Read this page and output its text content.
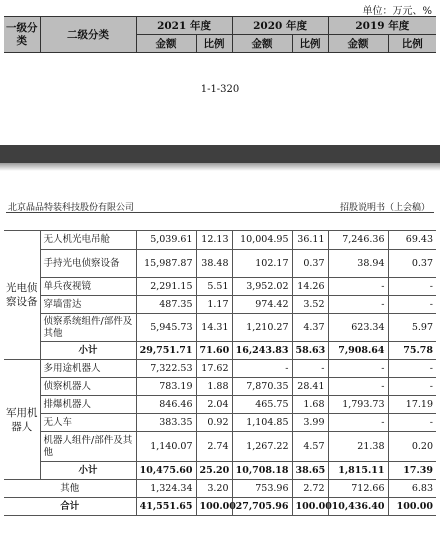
单位：万元、%
一级分类	二级分类	2021 年度		2020 年度		2019 年度	
		金额	比例	金额	比例	金额	比例
1-1-320
北京晶品特装科技股份有限公司	招股说明书（上会稿）
光电侦察设备	无人机光电吊舱	5,039.61	12.13	10,004.95	36.11	7,246.36	69.43
	手持光电侦察设备	15,987.87	38.48	102.17	0.37	38.94	0.37
	单兵夜视镜	2,291.15	5.51	3,952.02	14.26	-	-
	穿墙雷达	487.35	1.17	974.42	3.52	-	-
	侦察系统组件/部件及其他	5,945.73	14.31	1,210.27	4.37	623.34	5.97
	小计	29,751.71	71.60	16,243.83	58.63	7,908.64	75.78
军用机器人	多用途机器人	7,322.53	17.62	-	-	-	-
	侦察机器人	783.19	1.88	7,870.35	28.41	-	-
	排爆机器人	846.46	2.04	465.75	1.68	1,793.73	17.19
	无人车	383.35	0.92	1,104.85	3.99	-	-
	机器人组件/部件及其他	1,140.07	2.74	1,267.22	4.57	21.38	0.20
	小计	10,475.60	25.20	10,708.18	38.65	1,815.11	17.39
其他		1,324.34	3.20	753.96	2.72	712.66	6.83
合计		41,551.65	100.00	27,705.96	100.00	10,436.40	100.00
